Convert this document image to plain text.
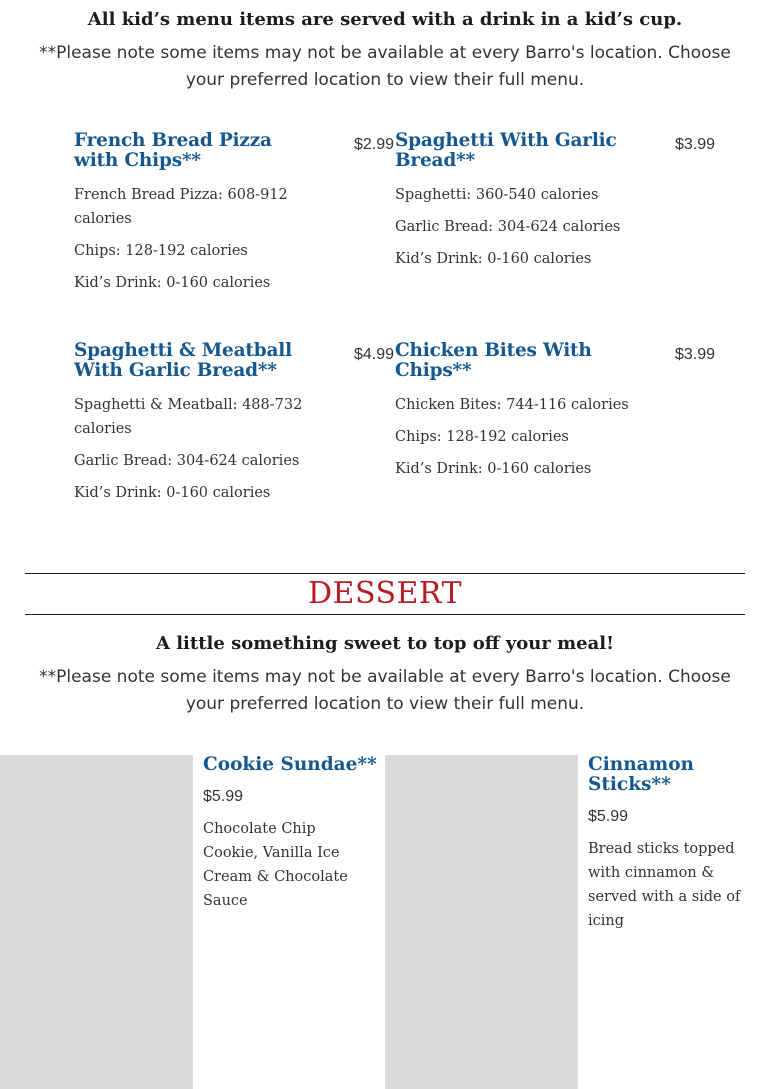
All kid’s menu items are served with a drink in a kid’s cup.
**Please note some items may not be available at every Barro's location. Choose your preferred location to view their full menu.
French Bread Pizza with Chips**
$2.99
French Bread Pizza: 608-912 calories
Chips: 128-192 calories
Kid’s Drink: 0-160 calories
Spaghetti With Garlic Bread**
$3.99
Spaghetti: 360-540 calories
Garlic Bread: 304-624 calories
Kid’s Drink: 0-160 calories
Spaghetti & Meatball With Garlic Bread**
$4.99
Spaghetti & Meatball: 488-732 calories
Garlic Bread: 304-624 calories
Kid’s Drink: 0-160 calories
Chicken Bites With Chips**
$3.99
Chicken Bites: 744-116 calories
Chips: 128-192 calories
Kid’s Drink: 0-160 calories
DESSERT
A little something sweet to top off your meal!
**Please note some items may not be available at every Barro's location. Choose your preferred location to view their full menu.
Cookie Sundae**
$5.99
Chocolate Chip Cookie, Vanilla Ice Cream & Chocolate Sauce
Cinnamon Sticks**
$5.99
Bread sticks topped with cinnamon & served with a side of icing
